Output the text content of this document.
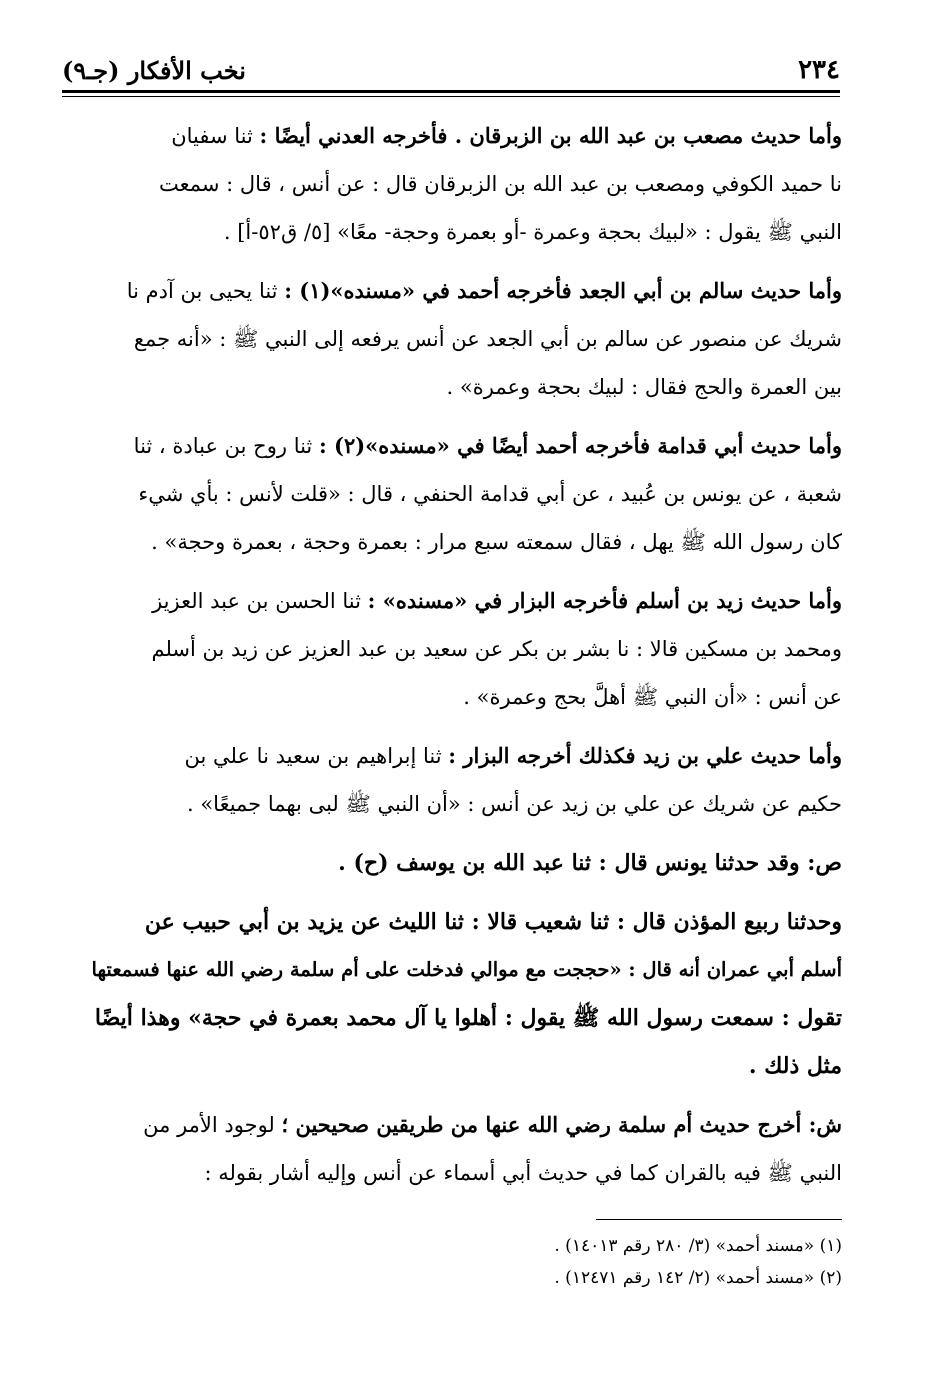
٢٣٤
نخب الأفكار (جـ٩)
وأما حديث مصعب بن عبد الله بن الزبرقان . فأخرجه العدني أيضًا : ثنا سفيان
نا حميد الكوفي ومصعب بن عبد الله بن الزبرقان قال : عن أنس ، قال : سمعت
النبي ﷺ يقول : «لبيك بحجة وعمرة -أو بعمرة وحجة- معًا» [٥/ ق٥٢-أ] .
وأما حديث سالم بن أبي الجعد فأخرجه أحمد في «مسنده»(١) : ثنا يحيى بن آدم نا
شريك عن منصور عن سالم بن أبي الجعد عن أنس يرفعه إلى النبي ﷺ : «أنه جمع
بين العمرة والحج فقال : لبيك بحجة وعمرة» .
وأما حديث أبي قدامة فأخرجه أحمد أيضًا في «مسنده»(٢) : ثنا روح بن عبادة ، ثنا
شعبة ، عن يونس بن عُبيد ، عن أبي قدامة الحنفي ، قال : «قلت لأنس : بأي شيء
كان رسول الله ﷺ يهل ، فقال سمعته سبع مرار : بعمرة وحجة ، بعمرة وحجة» .
وأما حديث زيد بن أسلم فأخرجه البزار في «مسنده» : ثنا الحسن بن عبد العزيز
ومحمد بن مسكين قالا : نا بشر بن بكر عن سعيد بن عبد العزيز عن زيد بن أسلم
عن أنس : «أن النبي ﷺ أهلَّ بحج وعمرة» .
وأما حديث علي بن زيد فكذلك أخرجه البزار : ثنا إبراهيم بن سعيد نا علي بن
حكيم عن شريك عن علي بن زيد عن أنس : «أن النبي ﷺ لبى بهما جميعًا» .
ص: وقد حدثنا يونس قال : ثنا عبد الله بن يوسف (ح) .
وحدثنا ربيع المؤذن قال : ثنا شعيب قالا : ثنا الليث عن يزيد بن أبي حبيب عن
أسلم أبي عمران أنه قال : «حججت مع موالي فدخلت على أم سلمة رضي الله عنها فسمعتها
تقول : سمعت رسول الله ﷺ يقول : أهلوا يا آل محمد بعمرة في حجة» وهذا أيضًا
مثل ذلك .
ش: أخرج حديث أم سلمة رضي الله عنها من طريقين صحيحين ؛ لوجود الأمر من
النبي ﷺ فيه بالقران كما في حديث أبي أسماء عن أنس وإليه أشار بقوله :
(١) «مسند أحمد» (٣/ ٢٨٠ رقم ١٤٠١٣) .
(٢) «مسند أحمد» (٢/ ١٤٢ رقم ١٢٤٧١) .
